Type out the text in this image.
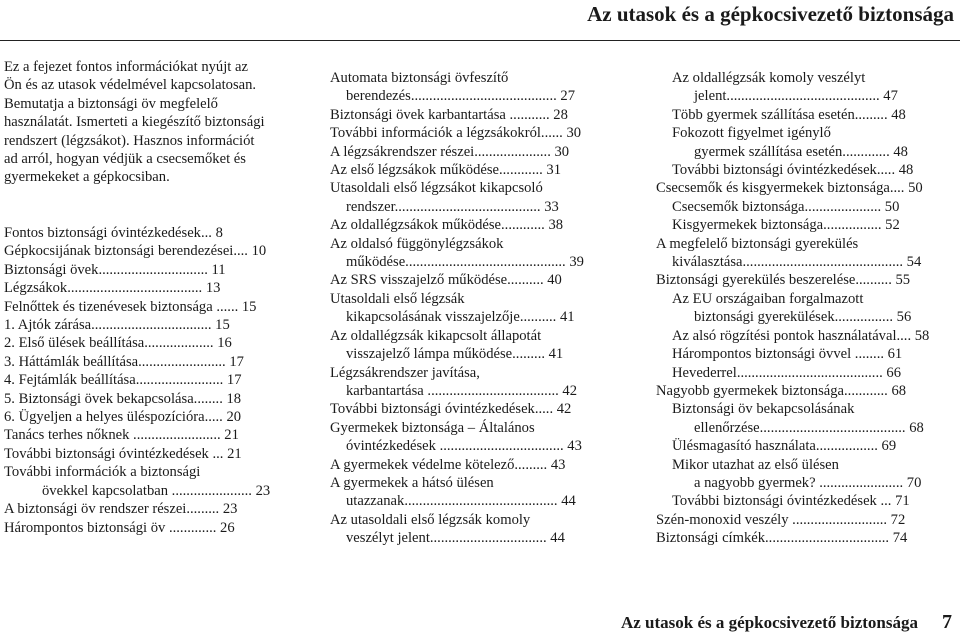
Az utasok és a gépkocsivezető biztonsága
Ez a fejezet fontos információkat nyújt az
Ön és az utasok védelmével kapcsolatosan.
Bemutatja a biztonsági öv megfelelő
használatát. Ismerteti a kiegészítő biztonsági
rendszert (légzsákot). Hasznos információt
ad arról, hogyan védjük a csecsemőket és
gyermekeket a gépkocsiban.
Fontos biztonsági óvintézkedések... 8
Gépkocsijának biztonsági berendezései.... 10
Biztonsági övek.............................. 11
Légzsákok..................................... 13
Felnőttek és tizenévesek biztonsága ...... 15
1. Ajtók zárása................................. 15
2. Első ülések beállítása................... 16
3. Háttámlák beállítása........................ 17
4. Fejtámlák beállítása........................ 17
5. Biztonsági övek bekapcsolása........ 18
6. Ügyeljen a helyes üléspozícióra..... 20
Tanács terhes nőknek ........................ 21
További biztonsági óvintézkedések ... 21
További információk a biztonsági
övekkel kapcsolatban ...................... 23
A biztonsági öv rendszer részei......... 23
Hárompontos biztonsági öv ............. 26
Automata biztonsági övfeszítő
berendezés........................................ 27
Biztonsági övek karbantartása ........... 28
További információk a légzsákokról...... 30
A légzsákrendszer részei..................... 30
Az első légzsákok működése............ 31
Utasoldali első légzsákot kikapcsoló
rendszer........................................ 33
Az oldallégzsákok működése............ 38
Az oldalsó függönylégzsákok
működése............................................ 39
Az SRS visszajelző működése.......... 40
Utasoldali első légzsák
kikapcsolásának visszajelzője.......... 41
Az oldallégzsák kikapcsolt állapotát
visszajelző lámpa működése......... 41
Légzsákrendszer javítása,
karbantartása .................................... 42
További biztonsági óvintézkedések..... 42
Gyermekek biztonsága – Általános
óvintézkedések .................................. 43
A gyermekek védelme kötelező......... 43
A gyermekek a hátsó ülésen
utazzanak.......................................... 44
Az utasoldali első légzsák komoly
veszélyt jelent................................ 44
Az oldallégzsák komoly veszélyt
jelent.......................................... 47
Több gyermek szállítása esetén......... 48
Fokozott figyelmet igénylő
gyermek szállítása esetén............. 48
További biztonsági óvintézkedések..... 48
Csecsemők és kisgyermekek biztonsága.... 50
Csecsemők biztonsága..................... 50
Kisgyermekek biztonsága................ 52
A megfelelő biztonsági gyerekülés
kiválasztása............................................ 54
Biztonsági gyerekülés beszerelése.......... 55
Az EU országaiban forgalmazott
biztonsági gyerekülések................ 56
Az alsó rögzítési pontok használatával.... 58
Hárompontos biztonsági övvel ........ 61
Hevederrel........................................ 66
Nagyobb gyermekek biztonsága............ 68
Biztonsági öv bekapcsolásának
ellenőrzése........................................ 68
Ülésmagasító használata................. 69
Mikor utazhat az első ülésen
a nagyobb gyermek? ....................... 70
További biztonsági óvintézkedések ... 71
Szén-monoxid veszély .......................... 72
Biztonsági címkék.................................. 74
Az utasok és a gépkocsivezető biztonsága 7
